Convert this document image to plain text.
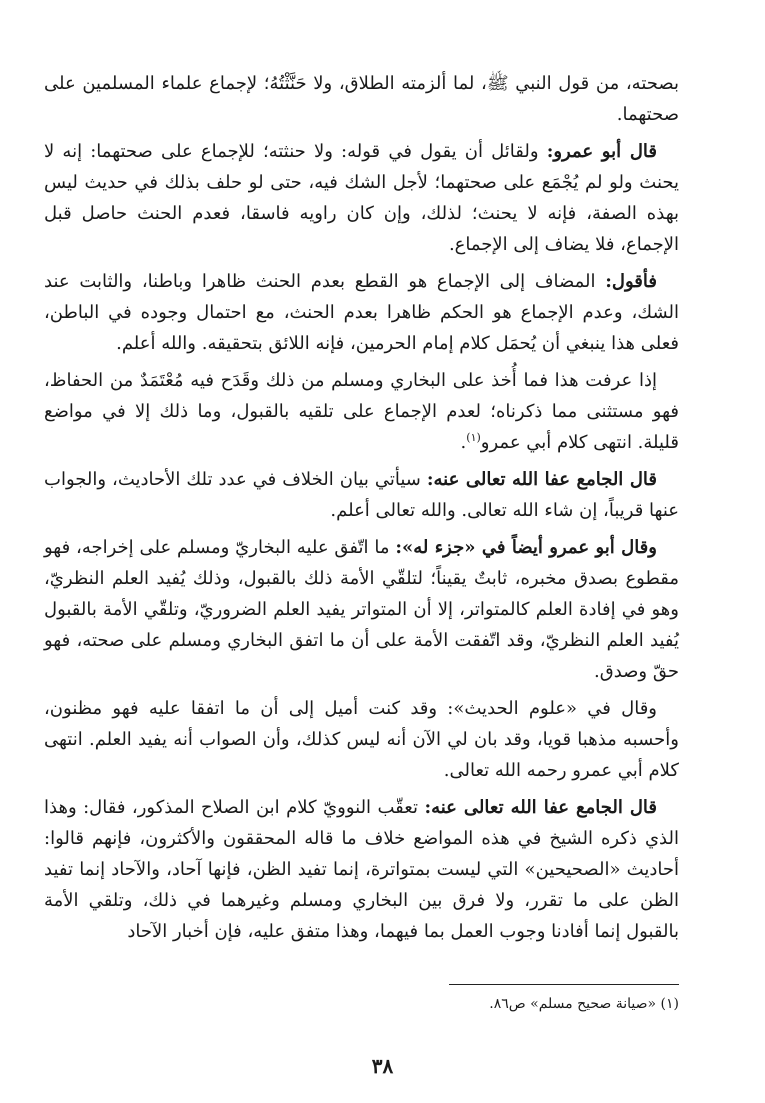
بصحته، من قول النبي ﷺ، لما ألزمته الطلاق، ولا حَنَّثْتُهُ؛ لإجماع علماء المسلمين على صحتهما.

قال أبو عمرو: ولقائل أن يقول في قوله: ولا حنثته؛ للإجماع على صحتهما: إنه لا يحنث ولو لم يُجْمَع على صحتهما؛ لأجل الشك فيه، حتى لو حلف بذلك في حديث ليس بهذه الصفة، فإنه لا يحنث؛ لذلك، وإن كان راويه فاسقا، فعدم الحنث حاصل قبل الإجماع، فلا يضاف إلى الإجماع.

فأقول: المضاف إلى الإجماع هو القطع بعدم الحنث ظاهرا وباطنا، والثابت عند الشك، وعدم الإجماع هو الحكم ظاهرا بعدم الحنث، مع احتمال وجوده في الباطن، فعلى هذا ينبغي أن يُحمَل كلام إمام الحرمين، فإنه اللائق بتحقيقه. والله أعلم.

إذا عرفت هذا فما أُخذ على البخاري ومسلم من ذلك وقَدَح فيه مُعْتَمَدٌ من الحفاظ، فهو مستثنى مما ذكرناه؛ لعدم الإجماع على تلقيه بالقبول، وما ذلك إلا في مواضع قليلة. انتهى كلام أبي عمرو$^{(١)}$.

قال الجامع عفا الله تعالى عنه: سيأتي بيان الخلاف في عدد تلك الأحاديث، والجواب عنها قريباً، إن شاء الله تعالى. والله تعالى أعلم.

وقال أبو عمرو أيضاً في «جزء له»: ما اتّفق عليه البخاريّ ومسلم على إخراجه، فهو مقطوع بصدق مخبره، ثابتٌ يقيناً؛ لتلقّي الأمة ذلك بالقبول، وذلك يُفيد العلم النظريّ، وهو في إفادة العلم كالمتواتر، إلا أن المتواتر يفيد العلم الضروريّ، وتلقّي الأمة بالقبول يُفيد العلم النظريّ، وقد اتّفقت الأمة على أن ما اتفق البخاري ومسلم على صحته، فهو حقّ وصدق.

وقال في «علوم الحديث»: وقد كنت أميل إلى أن ما اتفقا عليه فهو مظنون، وأحسبه مذهبا قويا، وقد بان لي الآن أنه ليس كذلك، وأن الصواب أنه يفيد العلم. انتهى كلام أبي عمرو رحمه الله تعالى.

قال الجامع عفا الله تعالى عنه: تعقّب النوويّ كلام ابن الصلاح المذكور، فقال: وهذا الذي ذكره الشيخ في هذه المواضع خلاف ما قاله المحققون والأكثرون، فإنهم قالوا: أحاديث «الصحيحين» التي ليست بمتواترة، إنما تفيد الظن، فإنها آحاد، والآحاد إنما تفيد الظن على ما تقرر، ولا فرق بين البخاري ومسلم وغيرهما في ذلك، وتلقي الأمة بالقبول إنما أفادنا وجوب العمل بما فيهما، وهذا متفق عليه، فإن أخبار الآحاد

(١) «صيانة صحيح مسلم» ص٨٦.
٣٨
